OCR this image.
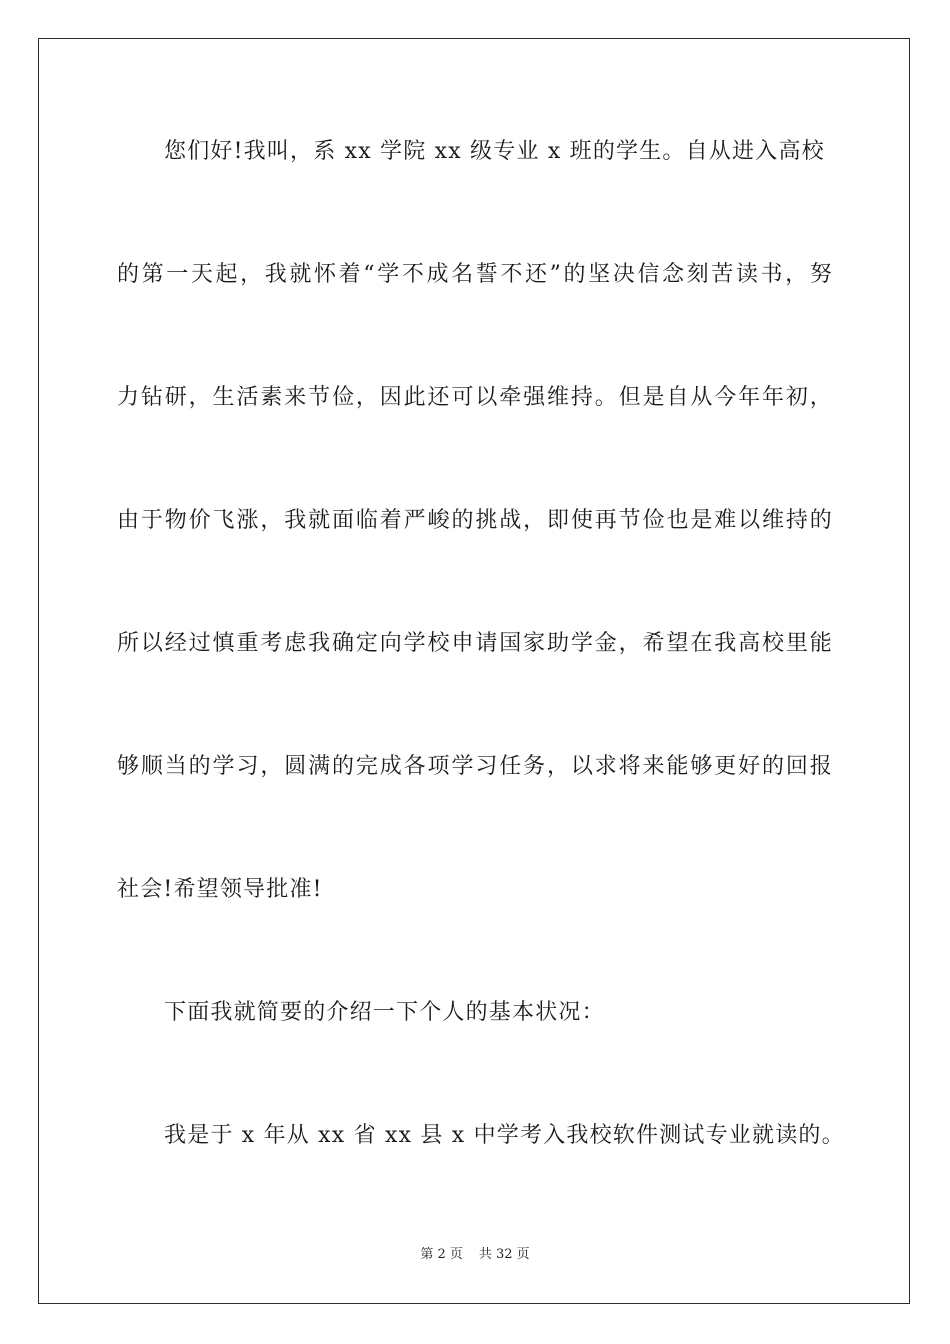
您们好!我叫，系 xx 学院 xx 级专业 x 班的学生。自从进入高校
的第一天起，我就怀着“学不成名誓不还”的坚决信念刻苦读书，努
力钻研，生活素来节俭，因此还可以牵强维持。但是自从今年年初，
由于物价飞涨，我就面临着严峻的挑战，即使再节俭也是难以维持的
所以经过慎重考虑我确定向学校申请国家助学金，希望在我高校里能
够顺当的学习，圆满的完成各项学习任务，以求将来能够更好的回报
社会!希望领导批准!
下面我就简要的介绍一下个人的基本状况：
我是于 x 年从 xx 省 xx 县 x 中学考入我校软件测试专业就读的。
第 2 页 共 32 页
